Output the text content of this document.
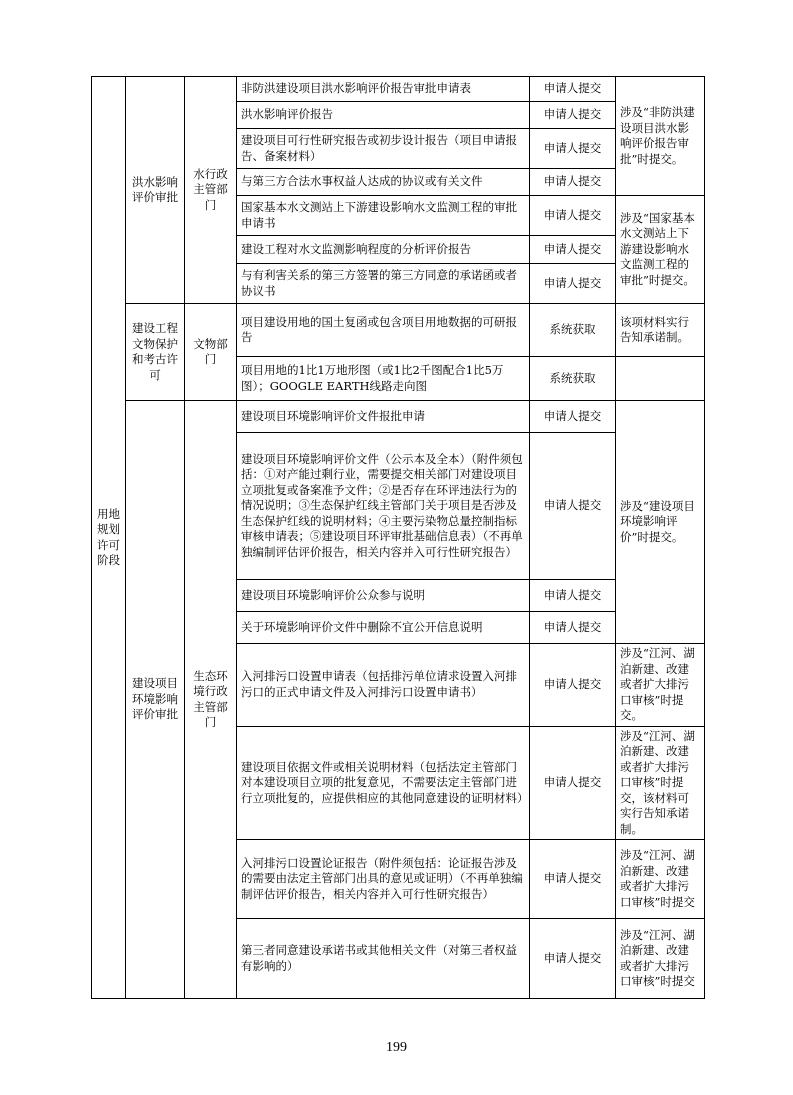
用地规划许可阶段	洪水影响评价审批	水行政主管部门	非防洪建设项目洪水影响评价报告审批申请表	申请人提交	涉及“非防洪建设项目洪水影响评价报告审批”时提交。
			洪水影响评价报告	申请人提交	
			建设项目可行性研究报告或初步设计报告（项目申请报告、备案材料）	申请人提交	
			与第三方合法水事权益人达成的协议或有关文件	申请人提交	
			国家基本水文测站上下游建设影响水文监测工程的审批申请书	申请人提交	涉及“国家基本水文测站上下游建设影响水文监测工程的审批”时提交。
			建设工程对水文监测影响程度的分析评价报告	申请人提交	
			与有利害关系的第三方签署的第三方同意的承诺函或者协议书	申请人提交	
	建设工程文物保护和考古许可	文物部门	项目建设用地的国土复函或包含项目用地数据的可研报告	系统获取	该项材料实行告知承诺制。
			项目用地的1比1万地形图（或1比2千图配合1比5万图）；GOOGLE EARTH线路走向图	系统获取	
	建设项目环境影响评价审批	生态环境行政主管部门	建设项目环境影响评价文件报批申请	申请人提交	涉及“建设项目环境影响评价”时提交。
			建设项目环境影响评价文件（公示本及全本）（附件须包括：①对产能过剩行业，需要提交相关部门对建设项目立项批复或备案准予文件；②是否存在环评违法行为的情况说明；③生态保护红线主管部门关于项目是否涉及生态保护红线的说明材料；④主要污染物总量控制指标审核申请表；⑤建设项目环评审批基础信息表）（不再单独编制评估评价报告，相关内容并入可行性研究报告）	申请人提交	
			建设项目环境影响评价公众参与说明	申请人提交	
			关于环境影响评价文件中删除不宜公开信息说明	申请人提交	
			入河排污口设置申请表（包括排污单位请求设置入河排污口的正式申请文件及入河排污口设置申请书）	申请人提交	涉及“江河、湖泊新建、改建或者扩大排污口审核”时提交。
			建设项目依据文件或相关说明材料（包括法定主管部门对本建设项目立项的批复意见，不需要法定主管部门进行立项批复的，应提供相应的其他同意建设的证明材料）	申请人提交	涉及“江河、湖泊新建、改建或者扩大排污口审核”时提交，该材料可实行告知承诺制。
			入河排污口设置论证报告（附件须包括：论证报告涉及的需要由法定主管部门出具的意见或证明）（不再单独编制评估评价报告，相关内容并入可行性研究报告）	申请人提交	涉及“江河、湖泊新建、改建或者扩大排污口审核”时提交
			第三者同意建设承诺书或其他相关文件（对第三者权益有影响的）	申请人提交	涉及“江河、湖泊新建、改建或者扩大排污口审核”时提交
199
